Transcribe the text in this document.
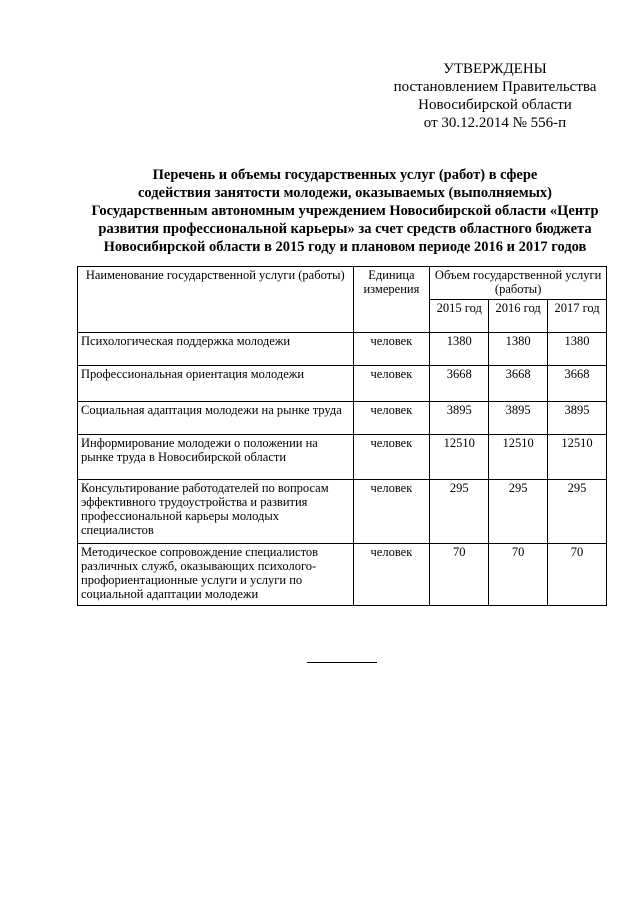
УТВЕРЖДЕНЫ
постановлением Правительства
Новосибирской области
от 30.12.2014 № 556-п
Перечень и объемы государственных услуг (работ) в сфере
содействия занятости молодежи, оказываемых (выполняемых)
Государственным автономным учреждением Новосибирской области «Центр
развития профессиональной карьеры» за счет средств областного бюджета
Новосибирской области в 2015 году и плановом периоде 2016 и 2017 годов
Наименование государственной услуги (работы)	Единица измерения	Объем государственной услуги (работы)		
		2015 год	2016 год	2017 год
Психологическая поддержка молодежи	человек	1380	1380	1380
Профессиональная ориентация молодежи	человек	3668	3668	3668
Социальная адаптация молодежи на рынке труда	человек	3895	3895	3895
Информирование молодежи о положении на рынке труда в Новосибирской области	человек	12510	12510	12510
Консультирование работодателей по вопросам эффективного трудоустройства и развития профессиональной карьеры молодых специалистов	человек	295	295	295
Методическое сопровождение специалистов различных служб, оказывающих психолого-профориентационные услуги и услуги по социальной адаптации молодежи	человек	70	70	70
